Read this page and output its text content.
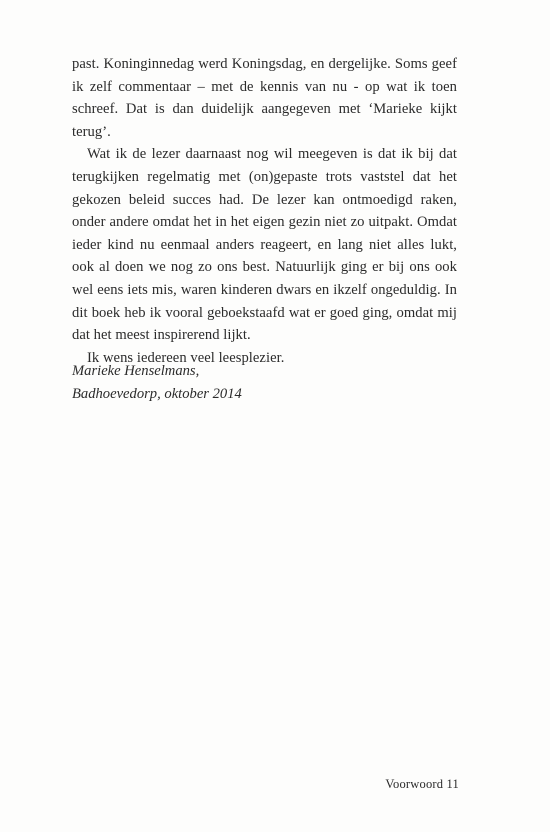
past. Koninginnedag werd Koningsdag, en dergelijke. Soms geef ik zelf commentaar – met de kennis van nu - op wat ik toen schreef. Dat is dan duidelijk aangegeven met ‘Marieke kijkt terug’.

Wat ik de lezer daarnaast nog wil meegeven is dat ik bij dat terugkijken regelmatig met (on)gepaste trots vaststel dat het gekozen beleid succes had. De lezer kan ontmoedigd raken, onder andere omdat het in het eigen gezin niet zo uitpakt. Omdat ieder kind nu eenmaal anders reageert, en lang niet alles lukt, ook al doen we nog zo ons best. Natuurlijk ging er bij ons ook wel eens iets mis, waren kinderen dwars en ikzelf ongeduldig. In dit boek heb ik vooral geboekstaafd wat er goed ging, omdat mij dat het meest inspirerend lijkt.

Ik wens iedereen veel leesplezier.

Marieke Henselmans,
Badhoevedorp, oktober 2014
Voorwoord 11
